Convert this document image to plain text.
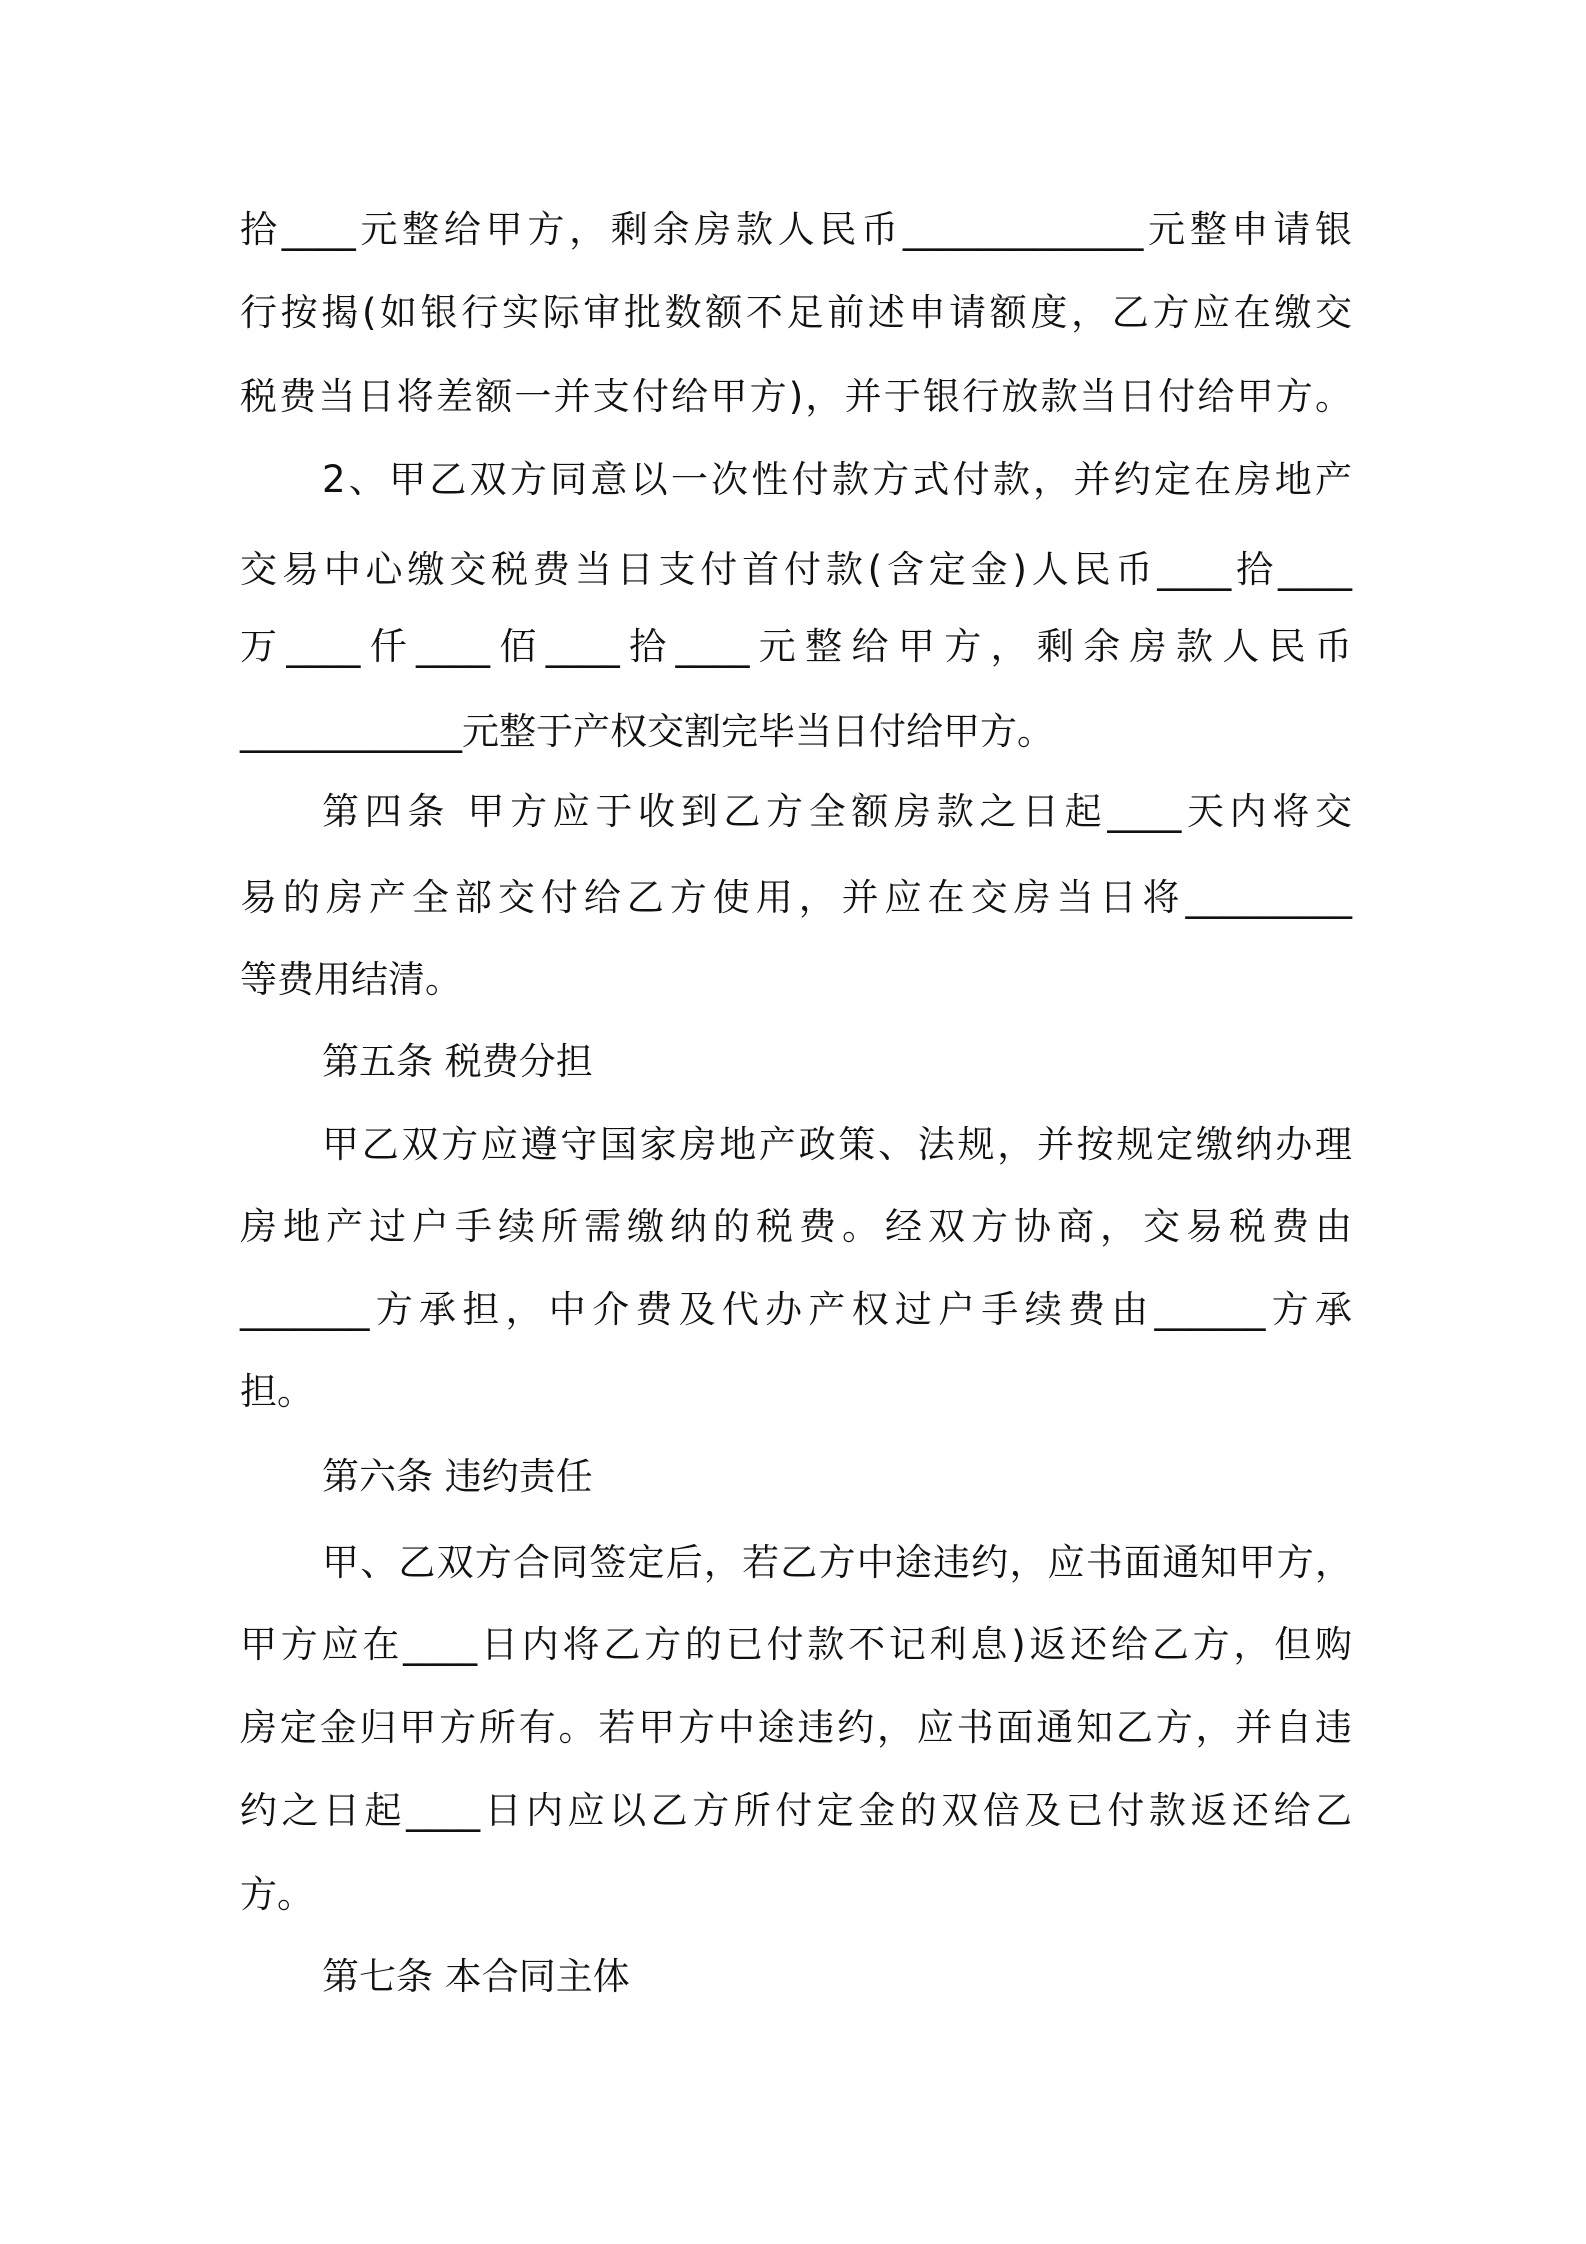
拾____元整给甲方，剩余房款人民币_____________元整申请银

行按揭(如银行实际审批数额不足前述申请额度，乙方应在缴交

税费当日将差额一并支付给甲方)，并于银行放款当日付给甲方。

2、甲乙双方同意以一次性付款方式付款，并约定在房地产

交易中心缴交税费当日支付首付款(含定金)人民币____拾____

万____仟____佰____拾____元整给甲方，剩余房款人民币

____________元整于产权交割完毕当日付给甲方。

第四条 甲方应于收到乙方全额房款之日起____天内将交

易的房产全部交付给乙方使用，并应在交房当日将_________

等费用结清。

第五条 税费分担

甲乙双方应遵守国家房地产政策、法规，并按规定缴纳办理

房地产过户手续所需缴纳的税费。经双方协商，交易税费由

_______方承担，中介费及代办产权过户手续费由______方承

担。

第六条 违约责任

甲、乙双方合同签定后，若乙方中途违约，应书面通知甲方，

甲方应在____日内将乙方的已付款不记利息)返还给乙方，但购

房定金归甲方所有。若甲方中途违约，应书面通知乙方，并自违

约之日起____日内应以乙方所付定金的双倍及已付款返还给乙

方。

第七条 本合同主体
